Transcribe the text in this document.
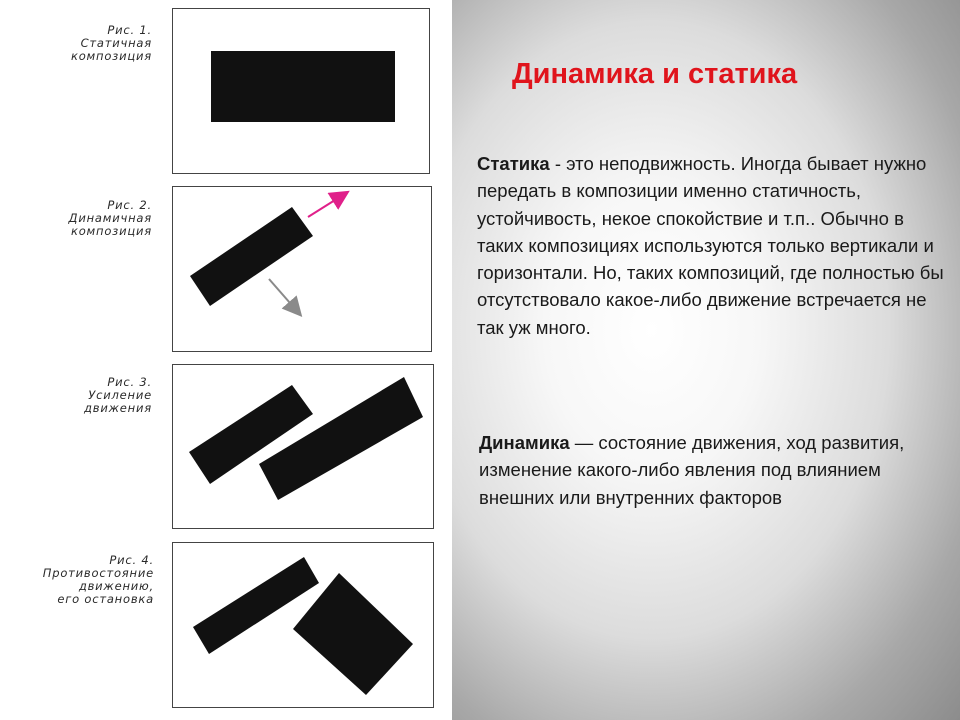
Рис. 1.
Статичная
композиция
Рис. 2.
Динамичная
композиция
Рис. 3.
Усиление
движения
Рис. 4.
Противостояние
движению,
его остановка
Динамика и статика

Статика - это неподвижность. Иногда бывает нужно передать в композиции именно статичность, устойчивость, некое спокойствие и т.п.. Обычно в таких композициях используются только вертикали и горизонтали. Но, таких композиций, где полностью бы отсутствовало какое-либо движение встречается не так уж много.

Динамика — состояние движения, ход развития, изменение какого-либо явления под влиянием внешних или внутренних факторов
